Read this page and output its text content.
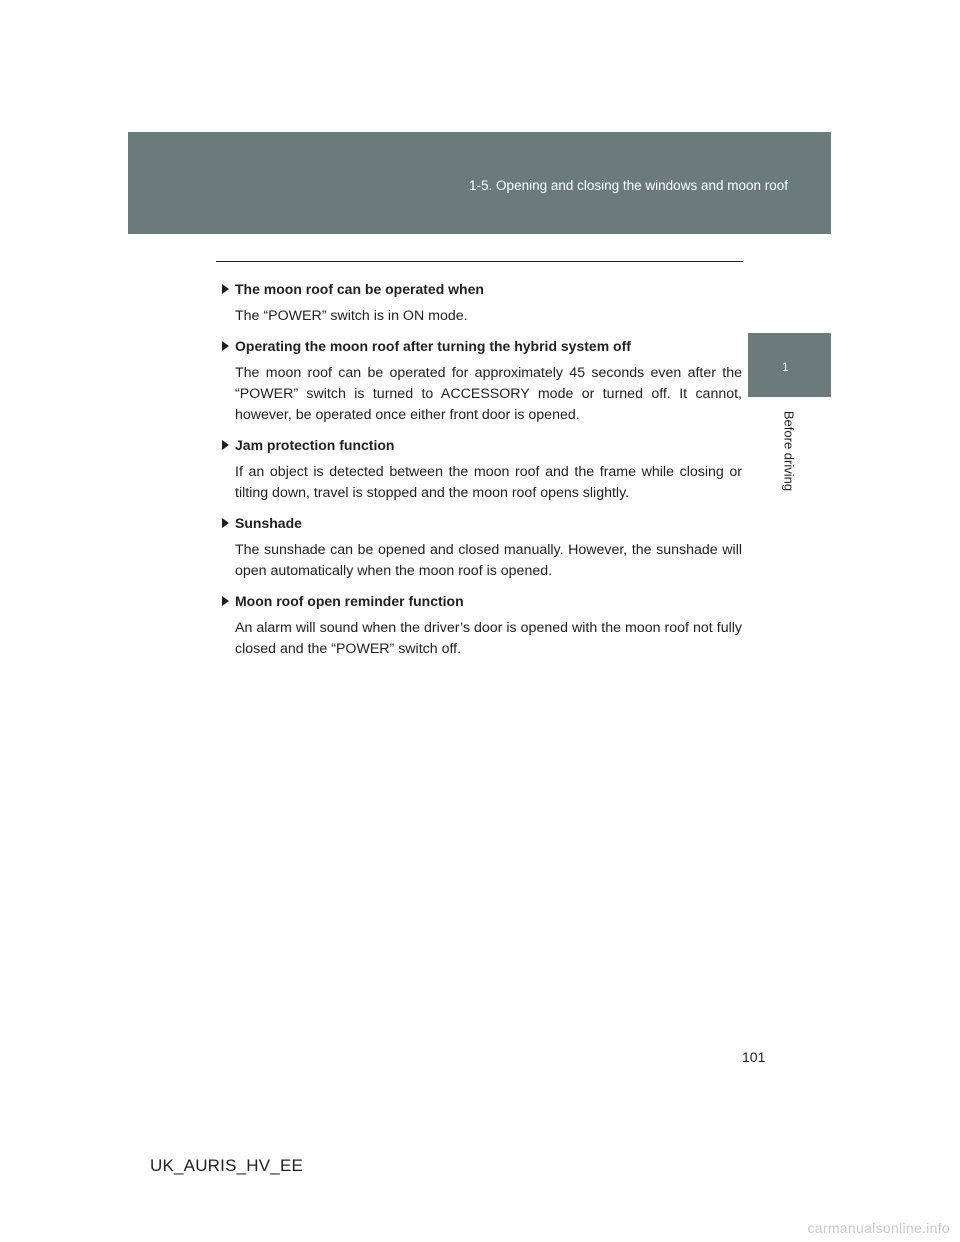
1-5. Opening and closing the windows and moon roof
1
Before driving
The moon roof can be operated when
The “POWER” switch is in ON mode.
Operating the moon roof after turning the hybrid system off
The moon roof can be operated for approximately 45 seconds even after the “POWER” switch is turned to ACCESSORY mode or turned off. It cannot, however, be operated once either front door is opened.
Jam protection function
If an object is detected between the moon roof and the frame while closing or tilting down, travel is stopped and the moon roof opens slightly.
Sunshade
The sunshade can be opened and closed manually. However, the sunshade will open automatically when the moon roof is opened.
Moon roof open reminder function
An alarm will sound when the driver’s door is opened with the moon roof not fully closed and the “POWER” switch off.
101
UK_AURIS_HV_EE
carmanualsonline.info
